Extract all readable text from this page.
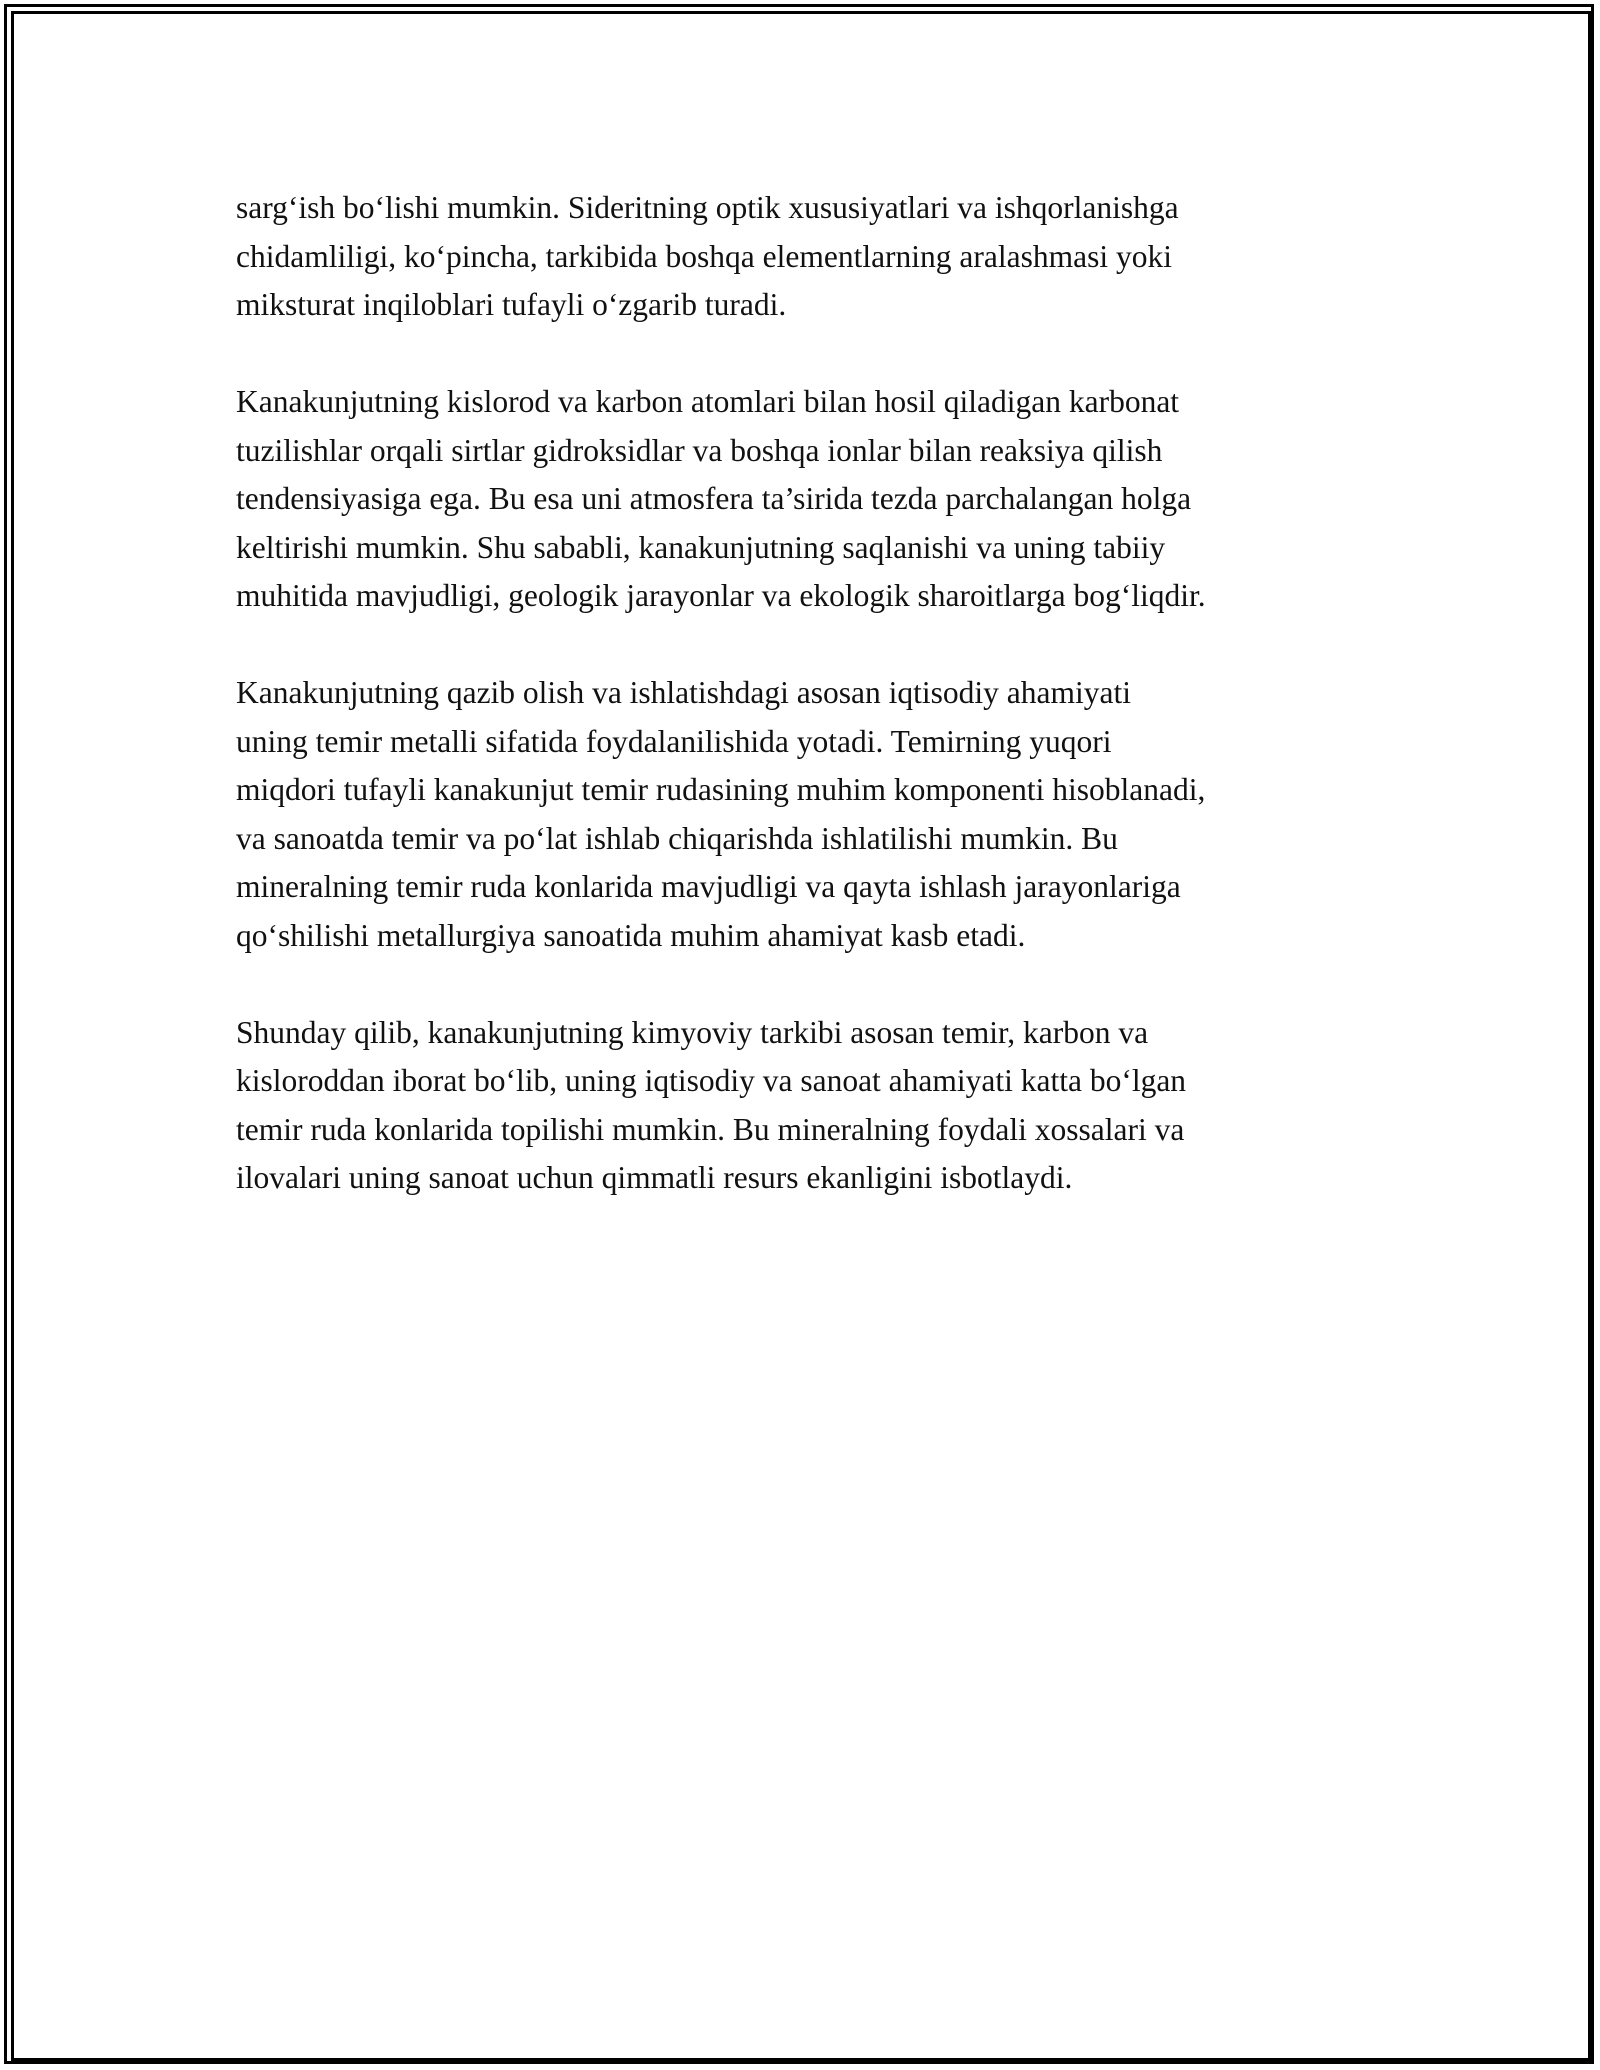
sarg‘ish bo‘lishi mumkin. Sideritning optik xususiyatlari va ishqorlanishga
chidamliligi, ko‘pincha, tarkibida boshqa elementlarning aralashmasi yoki
miksturat inqiloblari tufayli o‘zgarib turadi.

Kanakunjutning kislorod va karbon atomlari bilan hosil qiladigan karbonat
tuzilishlar orqali sirtlar gidroksidlar va boshqa ionlar bilan reaksiya qilish
tendensiyasiga ega. Bu esa uni atmosfera ta’sirida tezda parchalangan holga
keltirishi mumkin. Shu sababli, kanakunjutning saqlanishi va uning tabiiy
muhitida mavjudligi, geologik jarayonlar va ekologik sharoitlarga bog‘liqdir.

Kanakunjutning qazib olish va ishlatishdagi asosan iqtisodiy ahamiyati
uning temir metalli sifatida foydalanilishida yotadi. Temirning yuqori
miqdori tufayli kanakunjut temir rudasining muhim komponenti hisoblanadi,
va sanoatda temir va po‘lat ishlab chiqarishda ishlatilishi mumkin. Bu
mineralning temir ruda konlarida mavjudligi va qayta ishlash jarayonlariga
qo‘shilishi metallurgiya sanoatida muhim ahamiyat kasb etadi.

Shunday qilib, kanakunjutning kimyoviy tarkibi asosan temir, karbon va
kisloroddan iborat bo‘lib, uning iqtisodiy va sanoat ahamiyati katta bo‘lgan
temir ruda konlarida topilishi mumkin. Bu mineralning foydali xossalari va
ilovalari uning sanoat uchun qimmatli resurs ekanligini isbotlaydi.
